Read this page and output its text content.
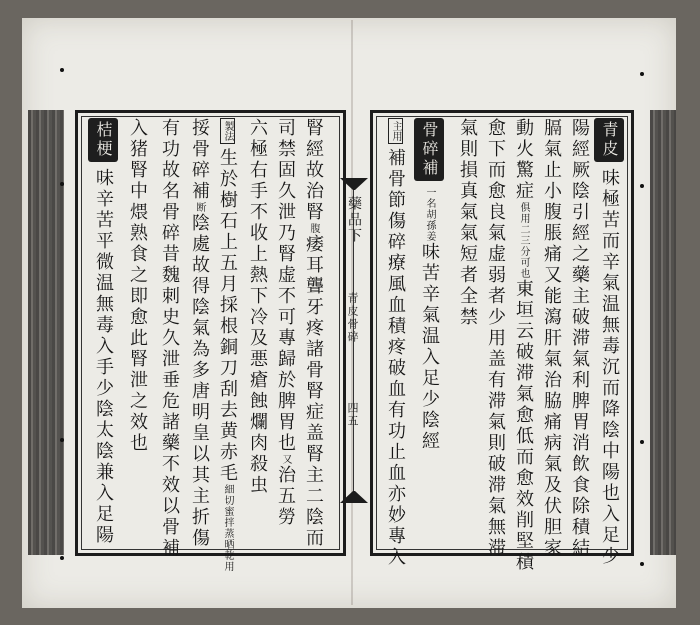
藥品下
青皮骨碎
四五
青皮味極苦而辛氣温無毒沉而降陰中陽也入足少
陽經厥陰引經之藥主破滞氣利脾胃消飲食除積結
膈氣止小腹脹痛又能瀉肝氣治脇痛病氣及伏胆家
動火驚症俱用二三分可也東垣云破滞氣愈低而愈效削堅積
愈下而愈良氣虚弱者少用盖有滞氣則破滞氣無滞
氣則損真氣氣短者全禁
骨碎補一名胡孫姜味苦辛氣温入足少陰經
主用補骨節傷碎療風血積疼破血有功止血亦妙專入
腎經故治腎腹痿耳聾牙疼諸骨腎症盖腎主二陰而
司禁固久泄乃腎虚不可專歸於脾胃也又治五勞
六極右手不收上熱下冷及悪瘡蝕爛肉殺虫
製法生於樹石上五月採根銅刀刮去黄赤毛細切蜜拌蒸晒乾用
挼骨碎補断陰處故得陰氣為多唐明皇以其主折傷
有功故名骨碎昔魏刺史久泄垂危諸藥不效以骨補
入猪腎中煨熟食之即愈此腎泄之效也
桔梗味辛苦平微温無毒入手少陰太陰兼入足陽
